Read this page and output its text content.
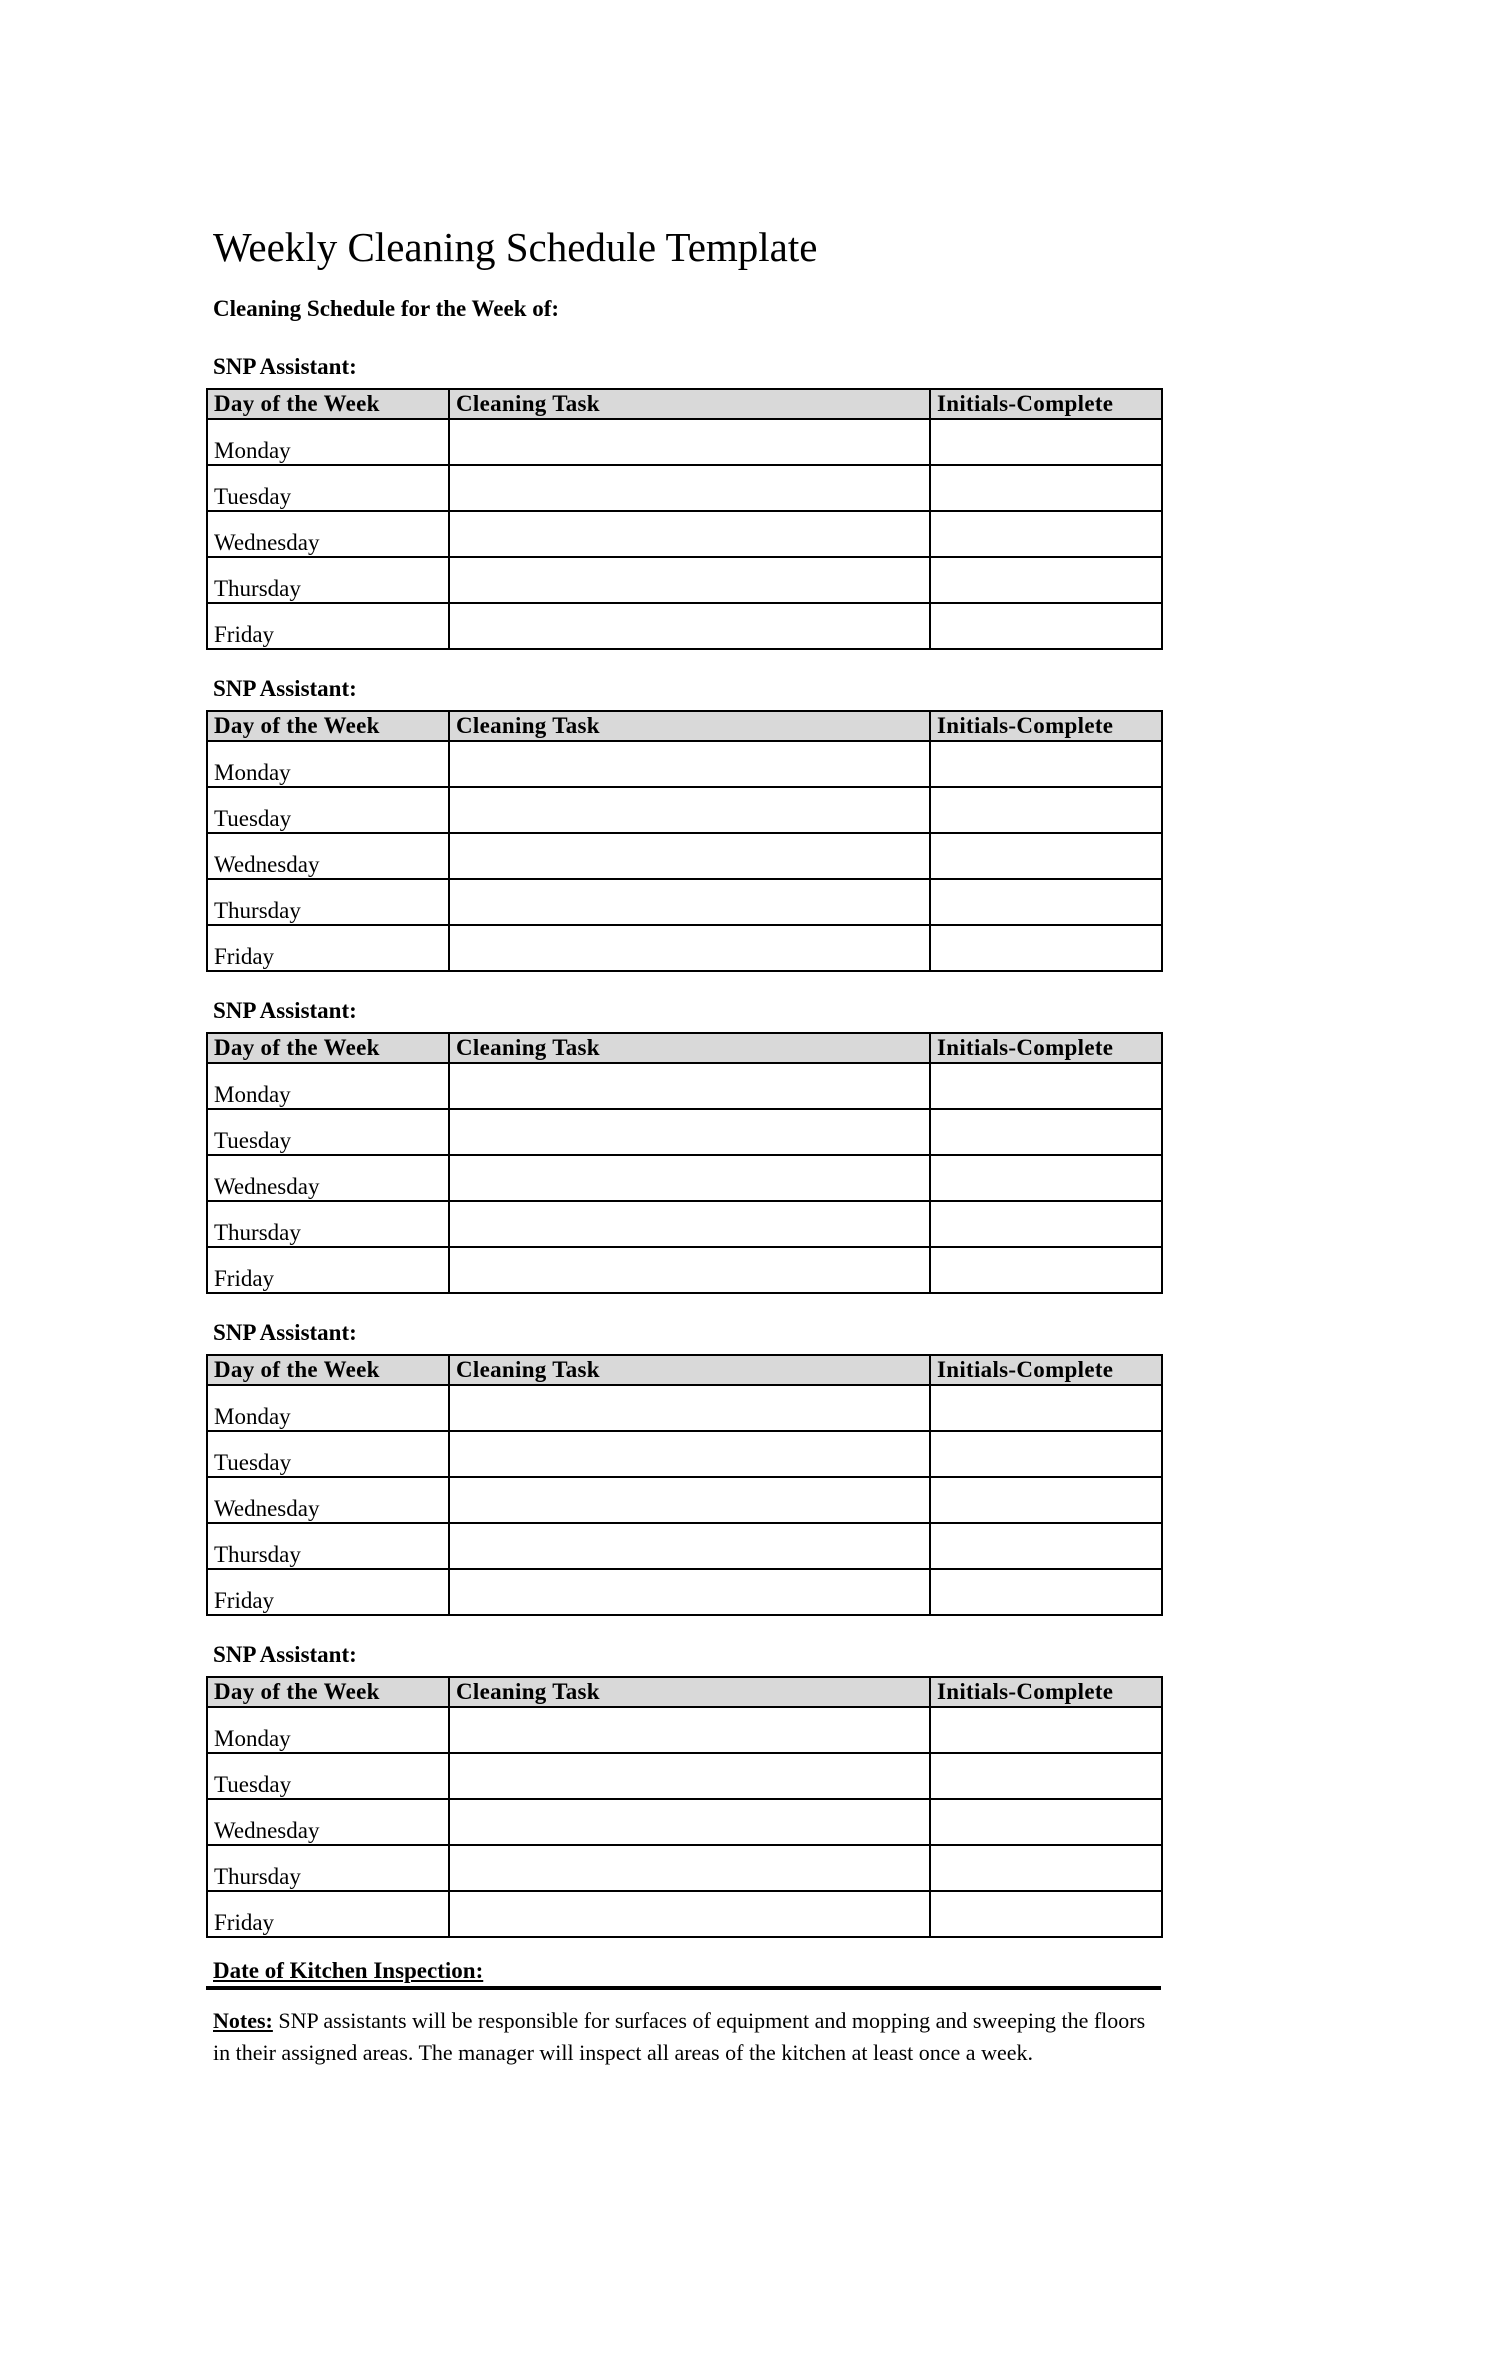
Weekly Cleaning Schedule Template
Cleaning Schedule for the Week of:
SNP Assistant:
Day of the Week	Cleaning Task	Initials-Complete
Monday		
Tuesday		
Wednesday		
Thursday		
Friday		
SNP Assistant:
Day of the Week	Cleaning Task	Initials-Complete
Monday		
Tuesday		
Wednesday		
Thursday		
Friday		
SNP Assistant:
Day of the Week	Cleaning Task	Initials-Complete
Monday		
Tuesday		
Wednesday		
Thursday		
Friday		
SNP Assistant:
Day of the Week	Cleaning Task	Initials-Complete
Monday		
Tuesday		
Wednesday		
Thursday		
Friday		
SNP Assistant:
Day of the Week	Cleaning Task	Initials-Complete
Monday		
Tuesday		
Wednesday		
Thursday		
Friday		
Date of Kitchen Inspection:
Notes: SNP assistants will be responsible for surfaces of equipment and mopping and sweeping the floors in their assigned areas. The manager will inspect all areas of the kitchen at least once a week.
